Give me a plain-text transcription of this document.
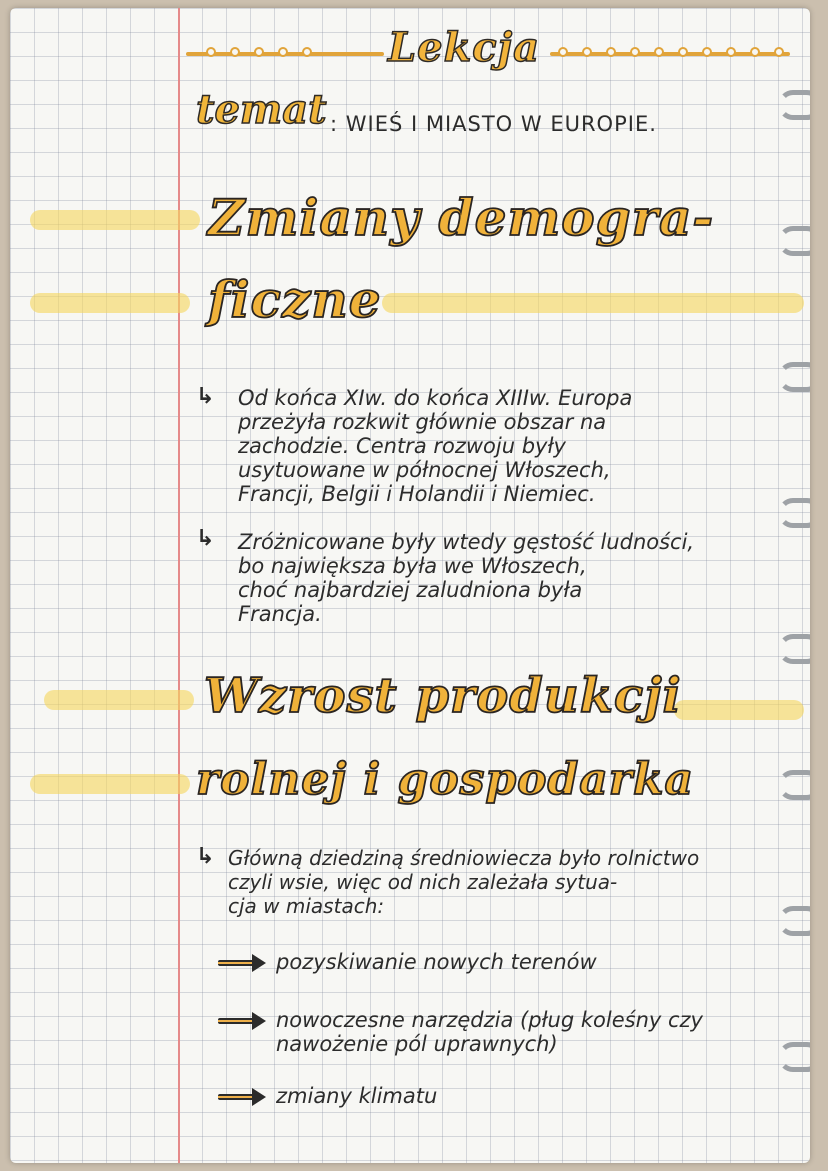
Lekcja
temat : WIEŚ I MIASTO W EUROPIE.
Zmiany demogra-
ficzne
↳ Od końca XIw. do końca XIIIw. Europa
przeżyła rozkwit głównie obszar na
zachodzie. Centra rozwoju były
usytuowane w północnej Włoszech,
Francji, Belgii i Holandii i Niemiec.
↳ Zróżnicowane były wtedy gęstość ludności,
bo największa była we Włoszech,
choć najbardziej zaludniona była
Francja.
Wzrost produkcji
rolnej i gospodarka
↳ Główną dziedziną średniowiecza było rolnictwo
czyli wsie, więc od nich zależała sytua-
cja w miastach:
pozyskiwanie nowych terenów
nowoczesne narzędzia (pług koleśny czy
nawożenie pól uprawnych)
zmiany klimatu
